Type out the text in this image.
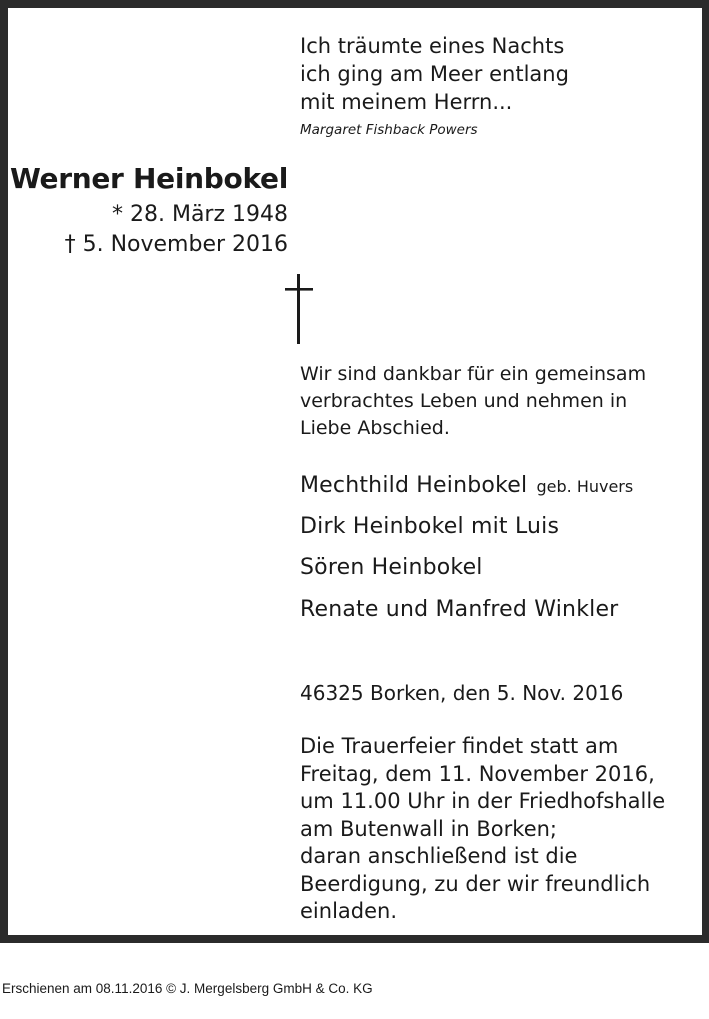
Ich träumte eines Nachts
ich ging am Meer entlang
mit meinem Herrn...
Margaret Fishback Powers
Werner Heinbokel
* 28. März 1948
† 5. November 2016
Wir sind dankbar für ein gemeinsam
verbrachtes Leben und nehmen in
Liebe Abschied.
Mechthild Heinbokel geb. Huvers
Dirk Heinbokel mit Luis
Sören Heinbokel
Renate und Manfred Winkler
46325 Borken, den 5. Nov. 2016
Die Trauerfeier findet statt am
Freitag, dem 11. November 2016,
um 11.00 Uhr in der Friedhofshalle
am Butenwall in Borken;
daran anschließend ist die
Beerdigung, zu der wir freundlich
einladen.
Erschienen am 08.11.2016 © J. Mergelsberg GmbH & Co. KG
